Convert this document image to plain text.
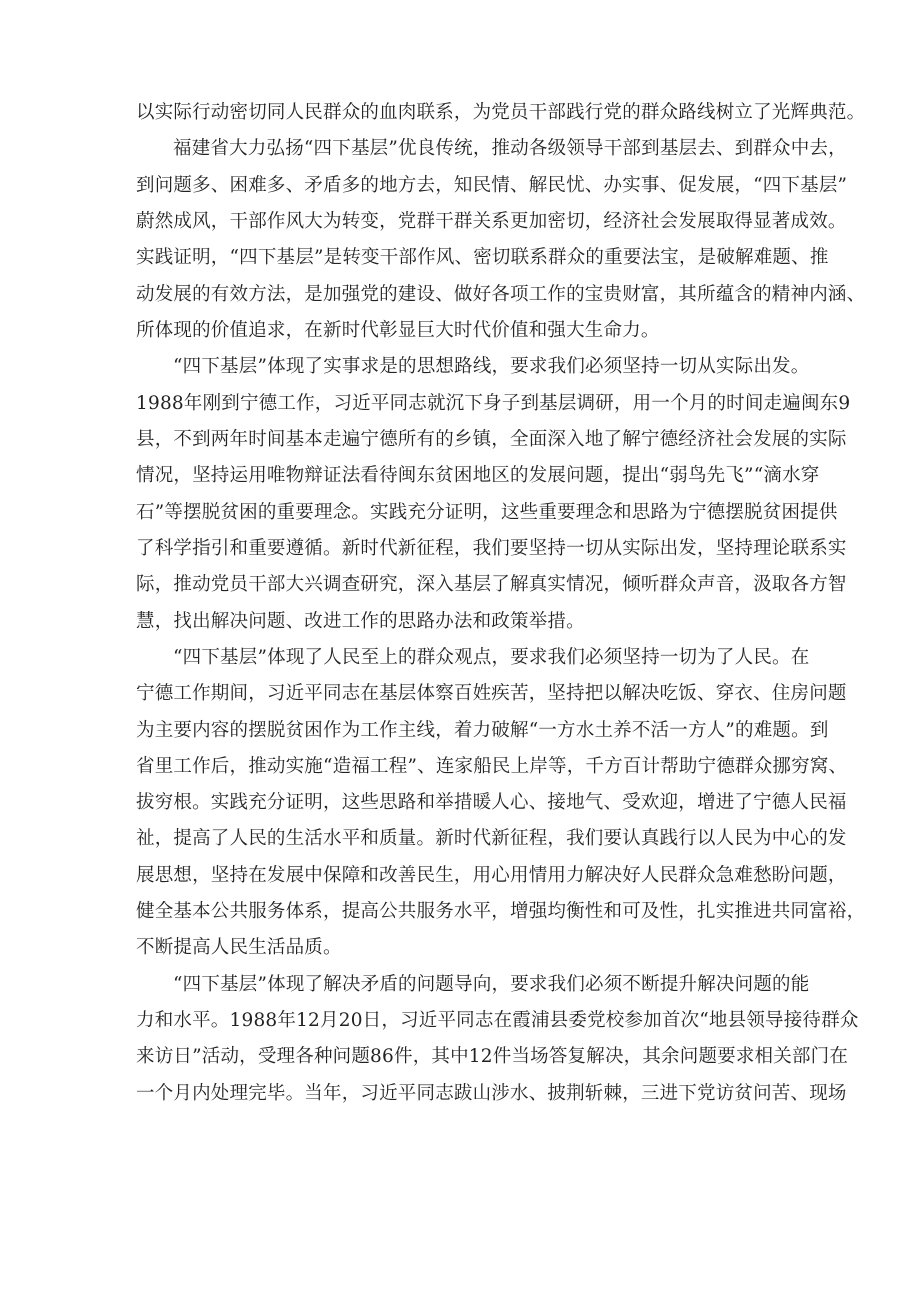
以实际行动密切同人民群众的血肉联系，为党员干部践行党的群众路线树立了光辉典范。
福建省大力弘扬“四下基层”优良传统，推动各级领导干部到基层去、到群众中去，
到问题多、困难多、矛盾多的地方去，知民情、解民忧、办实事、促发展，“四下基层”
蔚然成风，干部作风大为转变，党群干群关系更加密切，经济社会发展取得显著成效。
实践证明，“四下基层”是转变干部作风、密切联系群众的重要法宝，是破解难题、推
动发展的有效方法，是加强党的建设、做好各项工作的宝贵财富，其所蕴含的精神内涵、
所体现的价值追求，在新时代彰显巨大时代价值和强大生命力。
“四下基层”体现了实事求是的思想路线，要求我们必须坚持一切从实际出发。
1988年刚到宁德工作，习近平同志就沉下身子到基层调研，用一个月的时间走遍闽东9
县，不到两年时间基本走遍宁德所有的乡镇，全面深入地了解宁德经济社会发展的实际
情况，坚持运用唯物辩证法看待闽东贫困地区的发展问题，提出“弱鸟先飞”“滴水穿
石”等摆脱贫困的重要理念。实践充分证明，这些重要理念和思路为宁德摆脱贫困提供
了科学指引和重要遵循。新时代新征程，我们要坚持一切从实际出发，坚持理论联系实
际，推动党员干部大兴调查研究，深入基层了解真实情况，倾听群众声音，汲取各方智
慧，找出解决问题、改进工作的思路办法和政策举措。
“四下基层”体现了人民至上的群众观点，要求我们必须坚持一切为了人民。在
宁德工作期间，习近平同志在基层体察百姓疾苦，坚持把以解决吃饭、穿衣、住房问题
为主要内容的摆脱贫困作为工作主线，着力破解“一方水土养不活一方人”的难题。到
省里工作后，推动实施“造福工程”、连家船民上岸等，千方百计帮助宁德群众挪穷窝、
拔穷根。实践充分证明，这些思路和举措暖人心、接地气、受欢迎，增进了宁德人民福
祉，提高了人民的生活水平和质量。新时代新征程，我们要认真践行以人民为中心的发
展思想，坚持在发展中保障和改善民生，用心用情用力解决好人民群众急难愁盼问题，
健全基本公共服务体系，提高公共服务水平，增强均衡性和可及性，扎实推进共同富裕，
不断提高人民生活品质。
“四下基层”体现了解决矛盾的问题导向，要求我们必须不断提升解决问题的能
力和水平。1988年12月20日，习近平同志在霞浦县委党校参加首次“地县领导接待群众
来访日”活动，受理各种问题86件，其中12件当场答复解决，其余问题要求相关部门在
一个月内处理完毕。当年，习近平同志跋山涉水、披荆斩棘，三进下党访贫问苦、现场
